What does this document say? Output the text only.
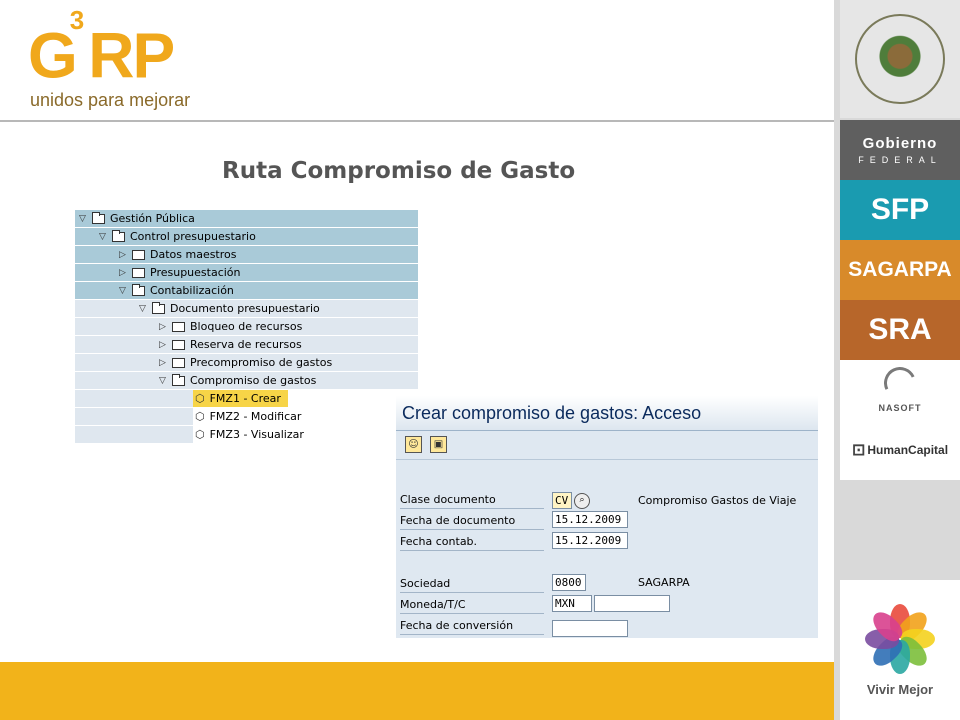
$G^3RP$
unidos para mejorar
Ruta Compromiso de Gasto
▽ Gestión Pública
▽ Control presupuestario
▷ Datos maestros
▷ Presupuestación
▽ Contabilización
▽ Documento presupuestario
▷ Bloqueo de recursos
▷ Reserva de recursos
▷ Precompromiso de gastos
▽ Compromiso de gastos
⬡ FMZ1 - Crear
⬡ FMZ2 - Modificar
⬡ FMZ3 - Visualizar
Crear compromiso de gastos: Acceso
☺	▣
Clase documento	CV	⌕	Compromiso Gastos de Viaje
Fecha de documento	15.12.2009
Fecha contab.	15.12.2009
Sociedad	0800	SAGARPA
Moneda/T/C	MXN
Fecha de conversión
Gobierno
FEDERAL
SFP
SAGARPA
SRA
NASOFT
⊡ HumanCapital
Vivir Mejor
